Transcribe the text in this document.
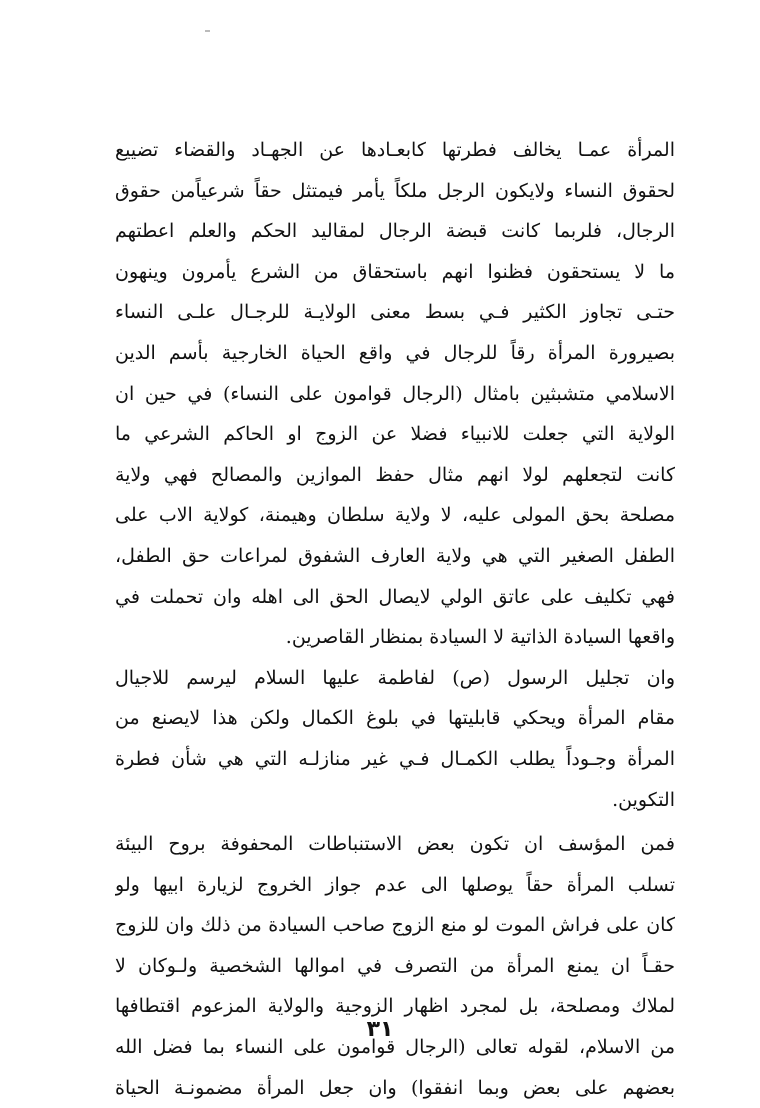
المرأة عمـا يخالف فطرتها كابعـادها عن الجهـاد والقضاء تضييع
لحقوق النساء ولايكون الرجل ملكاً يأمر فيمتثل حقاً شرعياًمن حقوق
الرجال، فلربما كانت قبضة الرجال لمقاليد الحكم والعلم اعطتهم
ما لا يستحقون فظنوا انهم باستحقاق من الشرع يأمرون وينهون
حتـى تجاوز الكثير فـي بسط معنى الولايـة للرجـال علـى النساء
بصيرورة المرأة رقاً للرجال في واقع الحياة الخارجية بأسم الدين
الاسلامي متشبثين بامثال (الرجال قوامون على النساء) في حين ان
الولاية التي جعلت للانبياء فضلا عن الزوج او الحاكم الشرعي ما
كانت لتجعلهم لولا انهم مثال حفظ الموازين والمصالح فهي ولاية
مصلحة بحق المولى عليه، لا ولاية سلطان وهيمنة، كولاية الاب على
الطفل الصغير التي هي ولاية العارف الشفوق لمراعات حق الطفل،
فهي تكليف على عاتق الولي لايصال الحق الى اهله وان تحملت في
واقعها السيادة الذاتية لا السيادة بمنظار القاصرين.
وان تجليل الرسول (ص) لفاطمة عليها السلام ليرسم للاجيال
مقام المرأة ويحكي قابليتها في بلوغ الكمال ولكن هذا لايصنع من
المرأة وجـوداً يطلب الكمـال فـي غير منازلـه التي هي شأن فطرة
التكوين.
فمن المؤسف ان تكون بعض الاستنباطات المحفوفة بروح البيئة
تسلب المرأة حقاً يوصلها الى عدم جواز الخروج لزيارة ابيها ولو
كان على فراش الموت لو منع الزوج صاحب السيادة من ذلك وان للزوج
حقـاً ان يمنع المرأة من التصرف في اموالها الشخصية ولـوكان لا
لملاك ومصلحة، بل لمجرد اظهار الزوجية والولاية المزعوم اقتطافها
من الاسلام، لقوله تعالى (الرجال قوامون على النساء بما فضل الله
بعضهم على بعض وبما انفقوا) وان جعل المرأة مضمونـة الحياة
٣١
